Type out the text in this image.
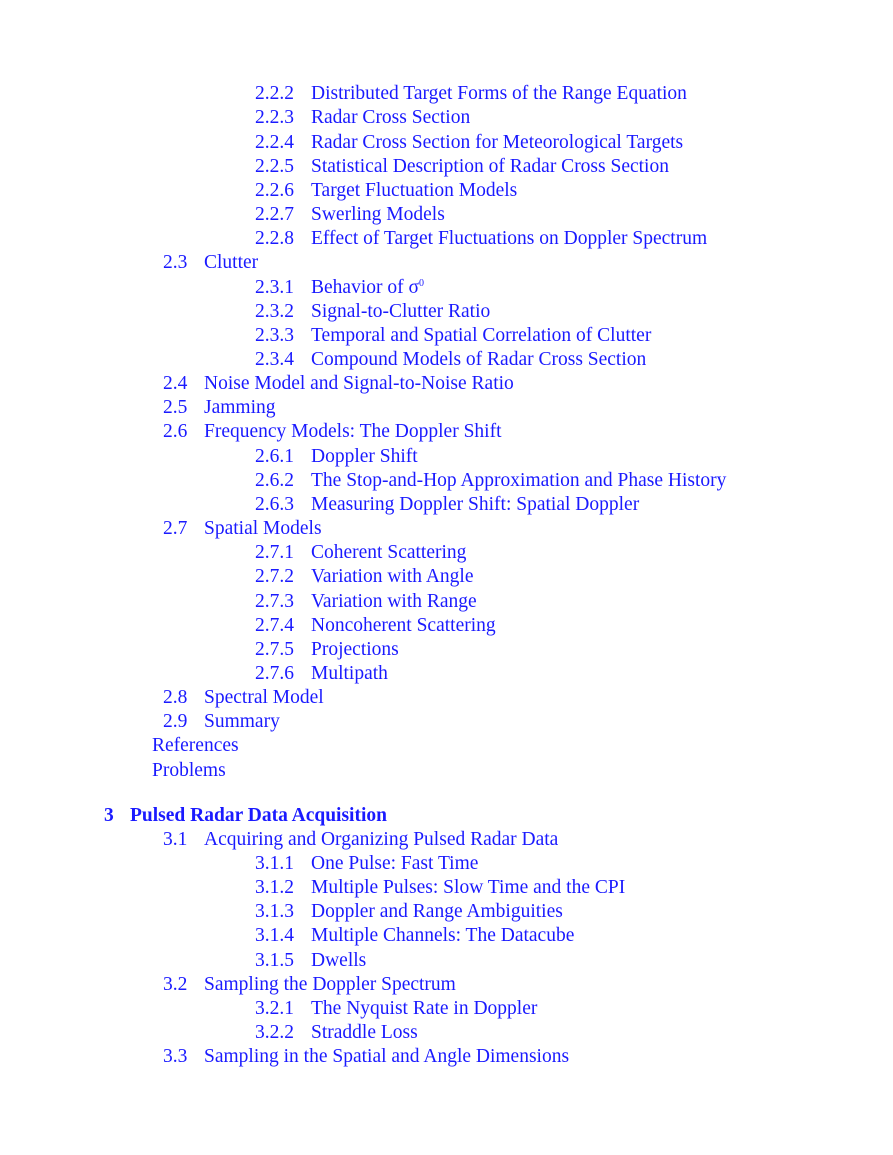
2.2.2 Distributed Target Forms of the Range Equation
2.2.3 Radar Cross Section
2.2.4 Radar Cross Section for Meteorological Targets
2.2.5 Statistical Description of Radar Cross Section
2.2.6 Target Fluctuation Models
2.2.7 Swerling Models
2.2.8 Effect of Target Fluctuations on Doppler Spectrum
2.3 Clutter
2.3.1 Behavior of $\sigma^0$
2.3.2 Signal-to-Clutter Ratio
2.3.3 Temporal and Spatial Correlation of Clutter
2.3.4 Compound Models of Radar Cross Section
2.4 Noise Model and Signal-to-Noise Ratio
2.5 Jamming
2.6 Frequency Models: The Doppler Shift
2.6.1 Doppler Shift
2.6.2 The Stop-and-Hop Approximation and Phase History
2.6.3 Measuring Doppler Shift: Spatial Doppler
2.7 Spatial Models
2.7.1 Coherent Scattering
2.7.2 Variation with Angle
2.7.3 Variation with Range
2.7.4 Noncoherent Scattering
2.7.5 Projections
2.7.6 Multipath
2.8 Spectral Model
2.9 Summary
References
Problems
3 Pulsed Radar Data Acquisition
3.1 Acquiring and Organizing Pulsed Radar Data
3.1.1 One Pulse: Fast Time
3.1.2 Multiple Pulses: Slow Time and the CPI
3.1.3 Doppler and Range Ambiguities
3.1.4 Multiple Channels: The Datacube
3.1.5 Dwells
3.2 Sampling the Doppler Spectrum
3.2.1 The Nyquist Rate in Doppler
3.2.2 Straddle Loss
3.3 Sampling in the Spatial and Angle Dimensions
